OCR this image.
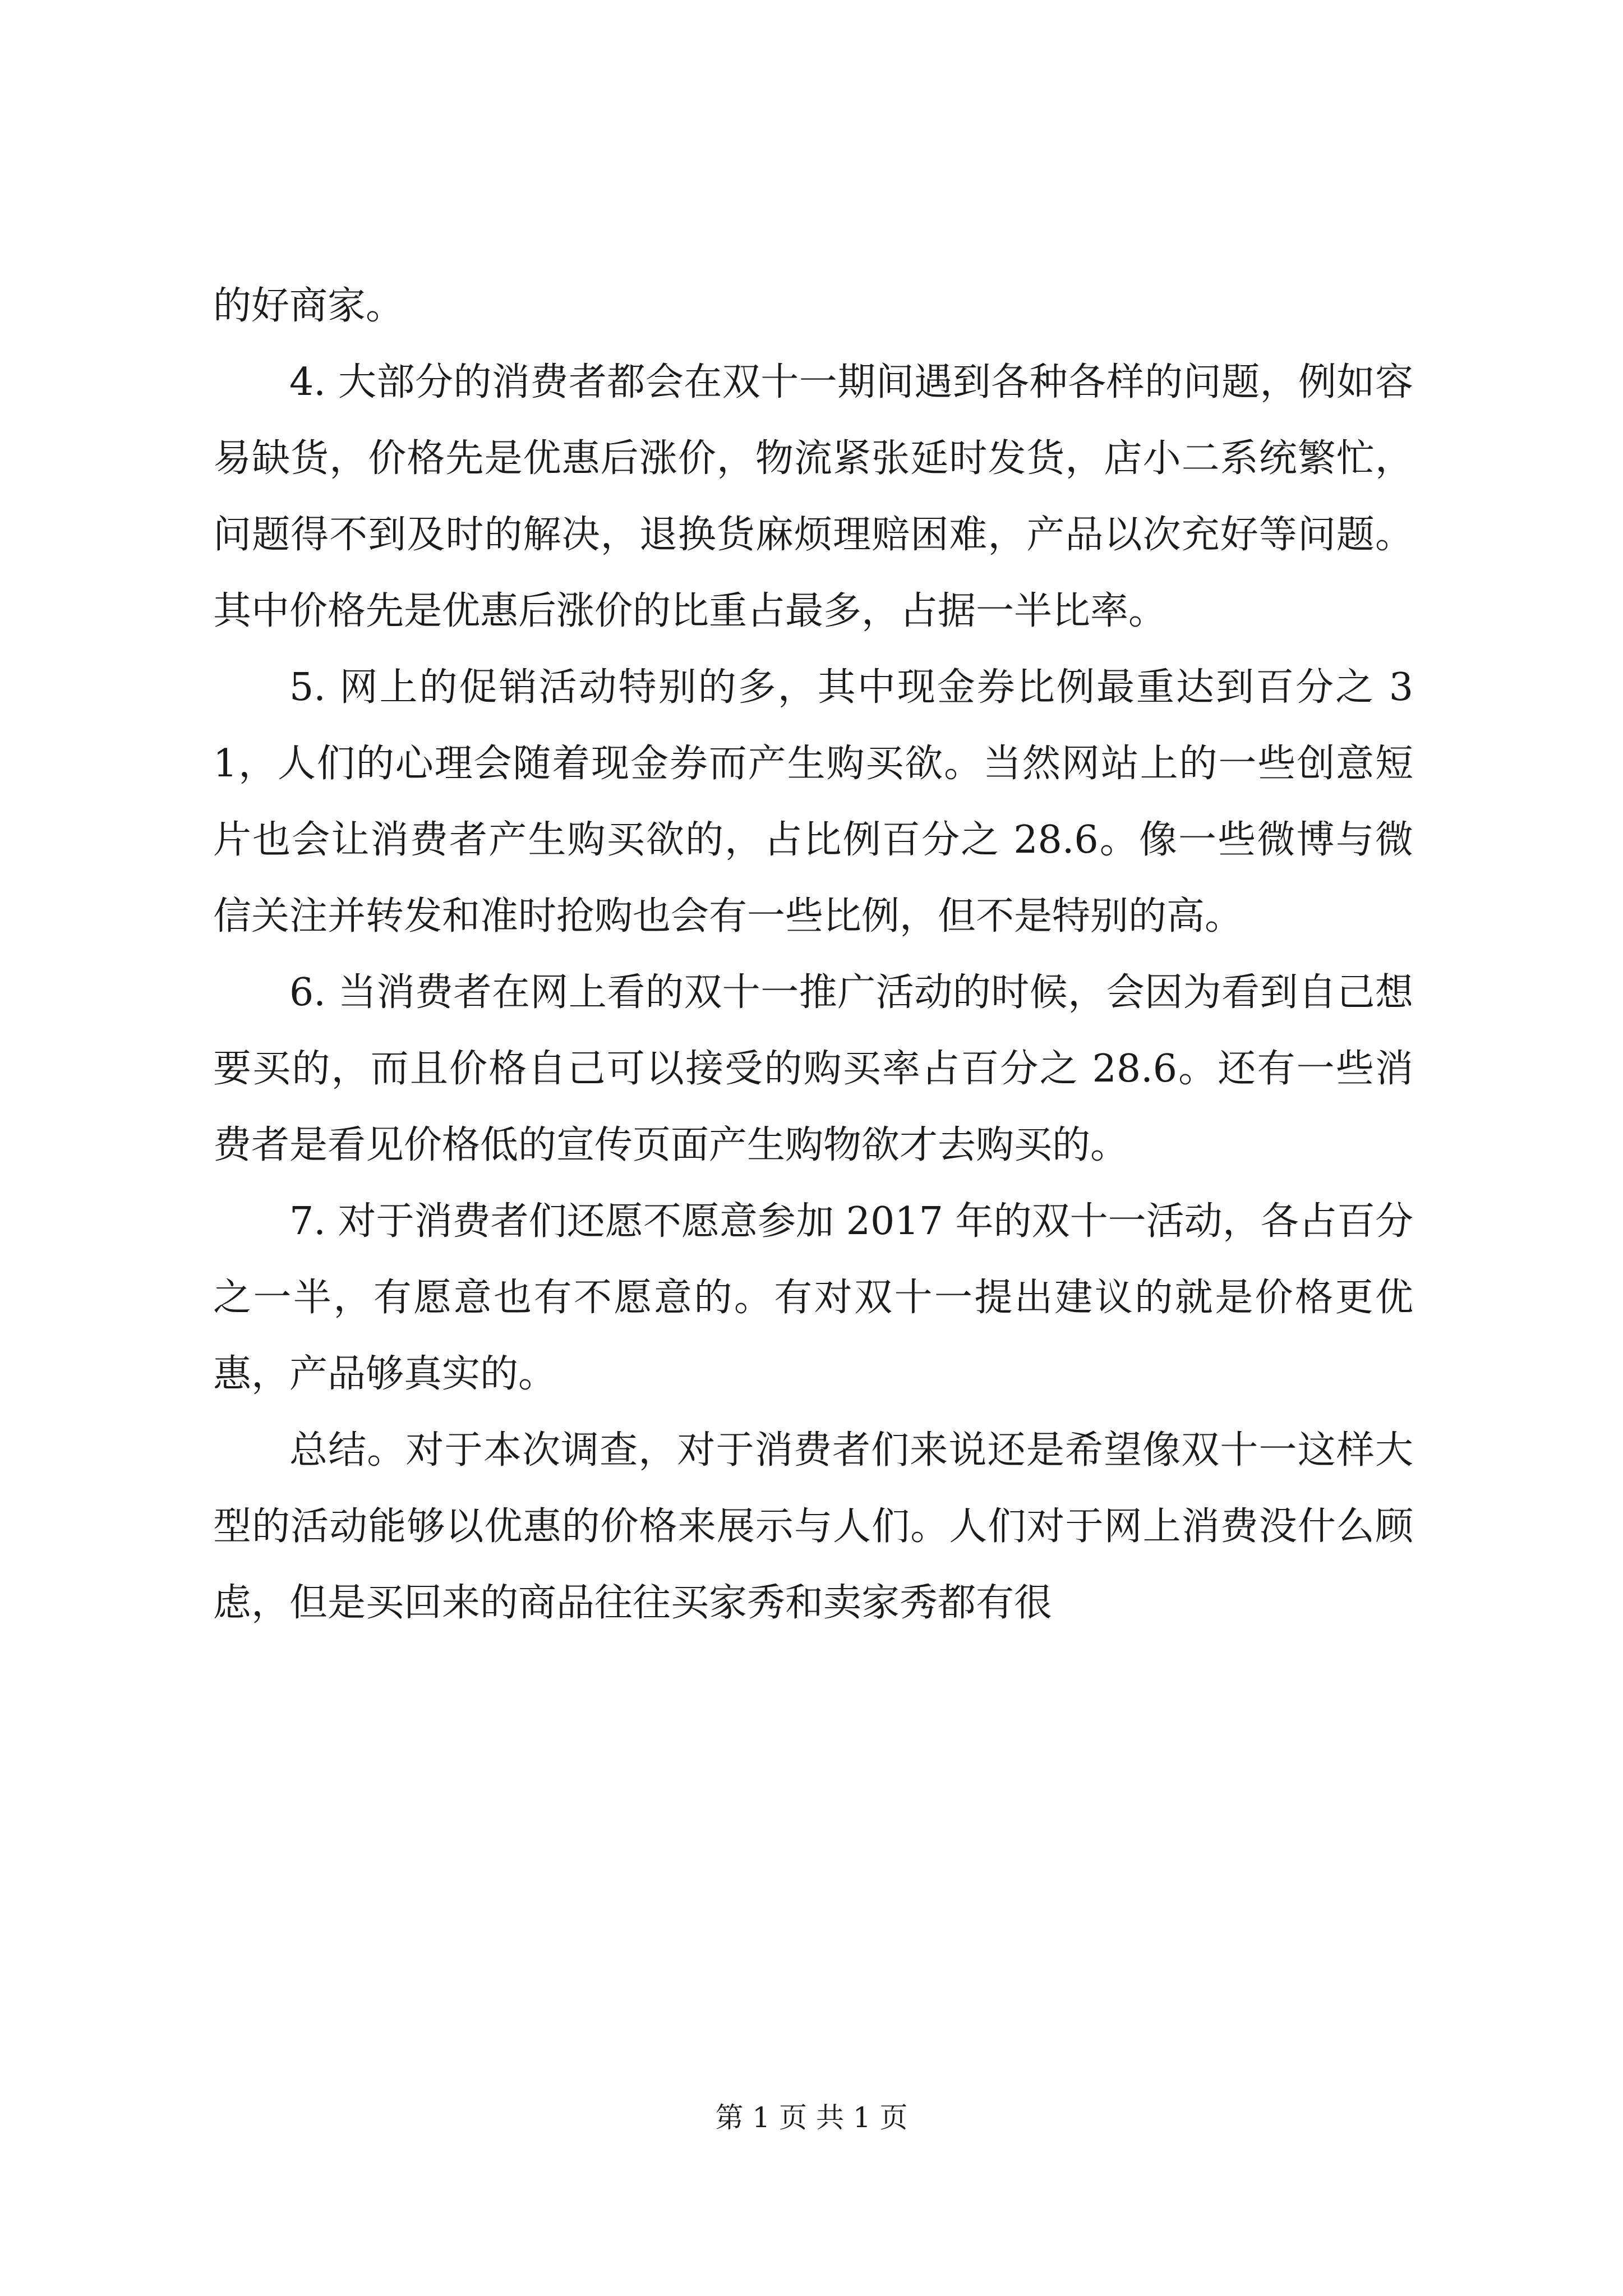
的好商家。

4. 大部分的消费者都会在双十一期间遇到各种各样的问题，例如容易缺货，价格先是优惠后涨价，物流紧张延时发货，店小二系统繁忙，问题得不到及时的解决，退换货麻烦理赔困难，产品以次充好等问题。其中价格先是优惠后涨价的比重占最多，占据一半比率。

5. 网上的促销活动特别的多，其中现金券比例最重达到百分之 31，人们的心理会随着现金券而产生购买欲。当然网站上的一些创意短片也会让消费者产生购买欲的，占比例百分之 28.6。像一些微博与微信关注并转发和准时抢购也会有一些比例，但不是特别的高。

6. 当消费者在网上看的双十一推广活动的时候，会因为看到自己想要买的，而且价格自己可以接受的购买率占百分之 28.6。还有一些消费者是看见价格低的宣传页面产生购物欲才去购买的。

7. 对于消费者们还愿不愿意参加 2017 年的双十一活动，各占百分之一半，有愿意也有不愿意的。有对双十一提出建议的就是价格更优惠，产品够真实的。

总结。对于本次调查，对于消费者们来说还是希望像双十一这样大型的活动能够以优惠的价格来展示与人们。人们对于网上消费没什么顾虑，但是买回来的商品往往买家秀和卖家秀都有很

第 1 页 共 1 页
